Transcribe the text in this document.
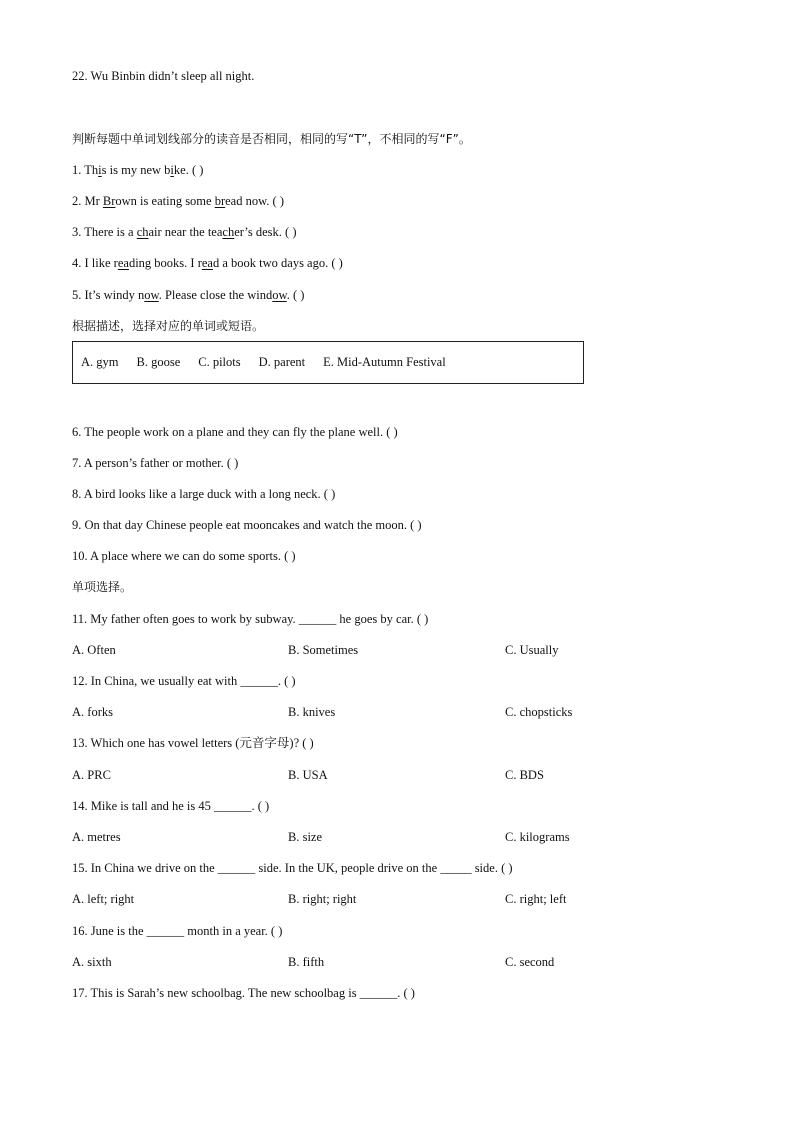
22. Wu Binbin didn’t sleep all night.
判断每题中单词划线部分的读音是否相同，相同的写“T”，不相同的写“F”。
1. This is my new bike. ( )
2. Mr Brown is eating some bread now. ( )
3. There is a chair near the teacher’s desk. ( )
4. I like reading books. I read a book two days ago. ( )
5. It’s windy now. Please close the window. ( )
根据描述，选择对应的单词或短语。
A. gym B. goose C. pilots D. parent E. Mid-Autumn Festival
6. The people work on a plane and they can fly the plane well. ( )
7. A person’s father or mother. ( )
8. A bird looks like a large duck with a long neck. ( )
9. On that day Chinese people eat mooncakes and watch the moon. ( )
10. A place where we can do some sports. ( )
单项选择。
11. My father often goes to work by subway. ______ he goes by car. ( )
A. Often	B. Sometimes	C. Usually
12. In China, we usually eat with ______. ( )
A. forks	B. knives	C. chopsticks
13. Which one has vowel letters (元音字母)? ( )
A. PRC	B. USA	C. BDS
14. Mike is tall and he is 45 ______. ( )
A. metres	B. size	C. kilograms
15. In China we drive on the ______ side. In the UK, people drive on the _____ side. ( )
A. left; right	B. right; right	C. right; left
16. June is the ______ month in a year. ( )
A. sixth	B. fifth	C. second
17. This is Sarah’s new schoolbag. The new schoolbag is ______. ( )
